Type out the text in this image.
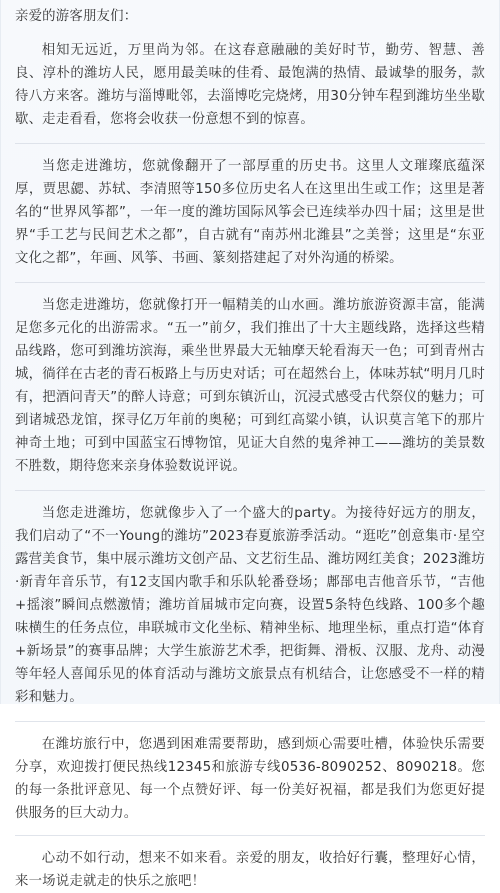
亲爱的游客朋友们：

相知无远近，万里尚为邻。在这春意融融的美好时节，勤劳、智慧、善良、淳朴的潍坊人民，愿用最美味的佳肴、最饱满的热情、最诚挚的服务，款待八方来客。潍坊与淄博毗邻，去淄博吃完烧烤，用30分钟车程到潍坊坐坐歇歇、走走看看，您将会收获一份意想不到的惊喜。

当您走进潍坊，您就像翻开了一部厚重的历史书。这里人文璀璨底蕴深厚，贾思勰、苏轼、李清照等150多位历史名人在这里出生或工作；这里是著名的“世界风筝都”，一年一度的潍坊国际风筝会已连续举办四十届；这里是世界“手工艺与民间艺术之都”，自古就有“南苏州北潍县”之美誉；这里是“东亚文化之都”，年画、风筝、书画、篆刻搭建起了对外沟通的桥梁。

当您走进潍坊，您就像打开一幅精美的山水画。潍坊旅游资源丰富，能满足您多元化的出游需求。“五一”前夕，我们推出了十大主题线路，选择这些精品线路，您可到潍坊滨海，乘坐世界最大无轴摩天轮看海天一色；可到青州古城，徜徉在古老的青石板路上与历史对话；可在超然台上，体味苏轼“明月几时有，把酒问青天”的醉人诗意；可到东镇沂山，沉浸式感受古代祭仪的魅力；可到诸城恐龙馆，探寻亿万年前的奥秘；可到红高粱小镇，认识莫言笔下的那片神奇土地；可到中国蓝宝石博物馆，见证大自然的鬼斧神工——潍坊的美景数不胜数，期待您来亲身体验数说评说。

当您走进潍坊，您就像步入了一个盛大的party。为接待好远方的朋友，我们启动了“不一Young的潍坊”2023春夏旅游季活动。“逛吃”创意集市·星空露营美食节，集中展示潍坊文创产品、文艺衍生品、潍坊网红美食；2023潍坊·新青年音乐节，有12支国内歌手和乐队轮番登场；鄌郚电吉他音乐节，“吉他+摇滚”瞬间点燃激情；潍坊首届城市定向赛，设置5条特色线路、100多个趣味横生的任务点位，串联城市文化坐标、精神坐标、地理坐标，重点打造“体育+新场景”的赛事品牌；大学生旅游艺术季，把街舞、滑板、汉服、龙舟、动漫等年轻人喜闻乐见的体育活动与潍坊文旅景点有机结合，让您感受不一样的精彩和魅力。

在潍坊旅行中，您遇到困难需要帮助，感到烦心需要吐槽，体验快乐需要分享，欢迎拨打便民热线12345和旅游专线0536-8090252、8090218。您的每一条批评意见、每一个点赞好评、每一份美好祝福，都是我们为您更好提供服务的巨大动力。

心动不如行动，想来不如来看。亲爱的朋友，收拾好行囊，整理好心情，来一场说走就走的快乐之旅吧！
